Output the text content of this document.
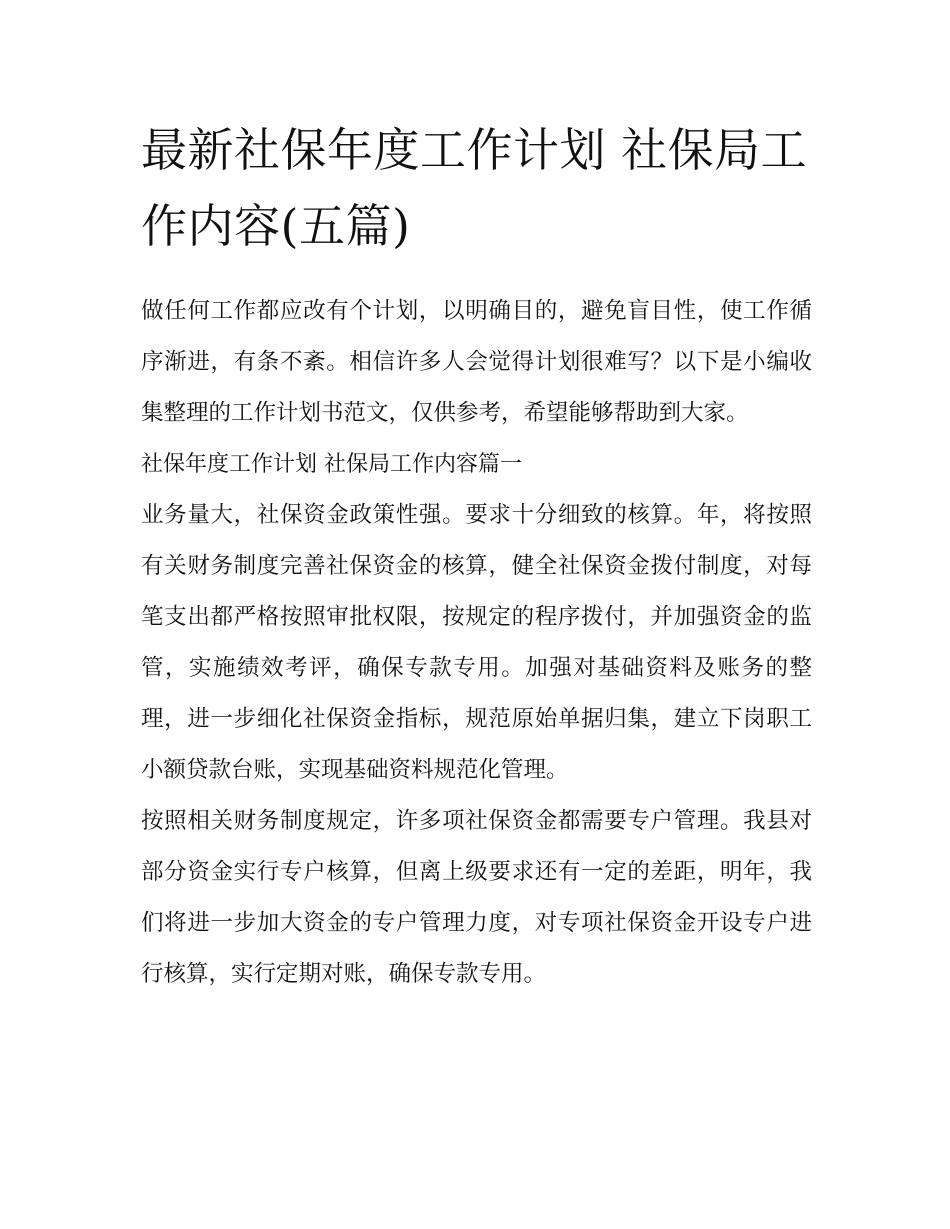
最新社保年度工作计划 社保局工作内容(五篇)

做任何工作都应改有个计划，以明确目的，避免盲目性，使工作循序渐进，有条不紊。相信许多人会觉得计划很难写？以下是小编收集整理的工作计划书范文，仅供参考，希望能够帮助到大家。

社保年度工作计划 社保局工作内容篇一

业务量大，社保资金政策性强。要求十分细致的核算。年，将按照有关财务制度完善社保资金的核算，健全社保资金拨付制度，对每笔支出都严格按照审批权限，按规定的程序拨付，并加强资金的监管，实施绩效考评，确保专款专用。加强对基础资料及账务的整理，进一步细化社保资金指标，规范原始单据归集，建立下岗职工小额贷款台账，实现基础资料规范化管理。

按照相关财务制度规定，许多项社保资金都需要专户管理。我县对部分资金实行专户核算，但离上级要求还有一定的差距，明年，我们将进一步加大资金的专户管理力度，对专项社保资金开设专户进行核算，实行定期对账，确保专款专用。
